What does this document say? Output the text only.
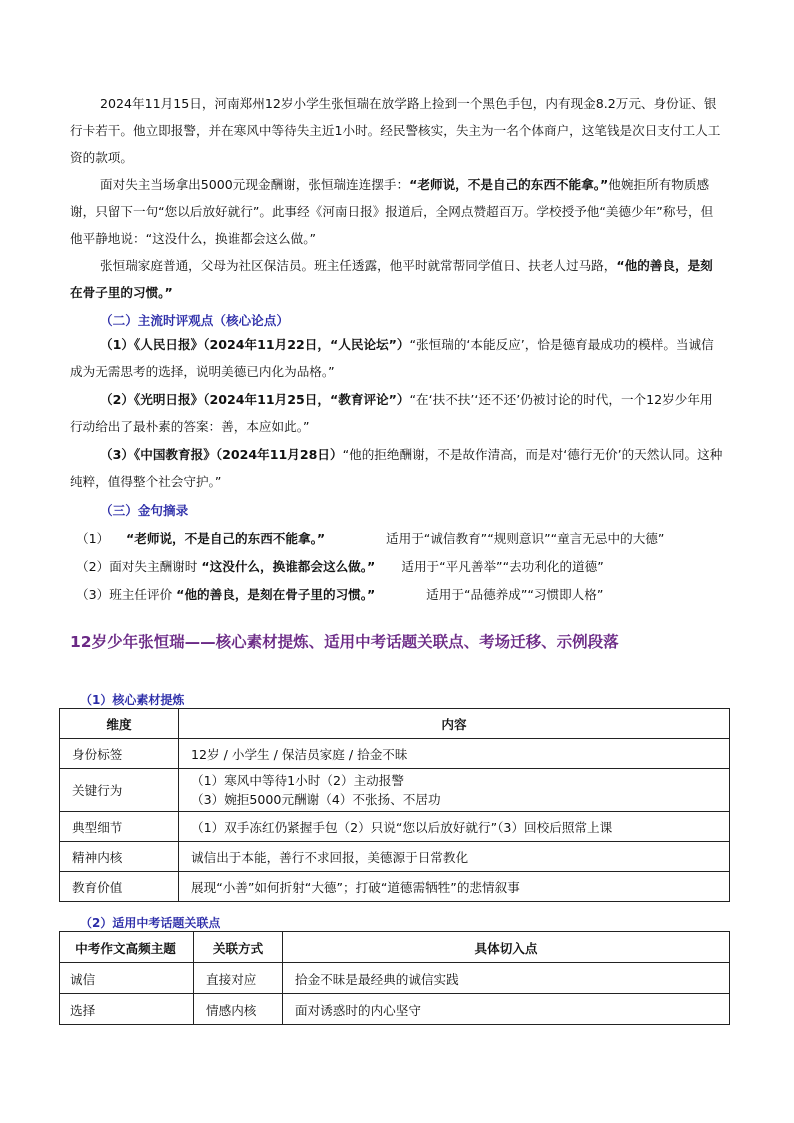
2024年11月15日，河南郑州12岁小学生张恒瑞在放学路上捡到一个黑色手包，内有现金8.2万元、身份证、银行卡若干。他立即报警，并在寒风中等待失主近1小时。经民警核实，失主为一名个体商户，这笔钱是次日支付工人工资的款项。

面对失主当场拿出5000元现金酬谢，张恒瑞连连摆手：“老师说，不是自己的东西不能拿。”他婉拒所有物质感谢，只留下一句“您以后放好就行”。此事经《河南日报》报道后，全网点赞超百万。学校授予他“美德少年”称号，但他平静地说：“这没什么，换谁都会这么做。”

张恒瑞家庭普通，父母为社区保洁员。班主任透露，他平时就常帮同学值日、扶老人过马路，“他的善良，是刻在骨子里的习惯。”

（二）主流时评观点（核心论点）

（1）《人民日报》（2024年11月22日，“人民论坛”）“张恒瑞的‘本能反应’，恰是德育最成功的模样。当诚信成为无需思考的选择，说明美德已内化为品格。”

（2）《光明日报》（2024年11月25日，“教育评论”）“在‘扶不扶’‘还不还’仍被讨论的时代，一个12岁少年用行动给出了最朴素的答案：善，本应如此。”

（3）《中国教育报》（2024年11月28日）“他的拒绝酬谢，不是故作清高，而是对‘德行无价’的天然认同。这种纯粹，值得整个社会守护。”

（三）金句摘录

（1） “老师说，不是自己的东西不能拿。”	适用于“诚信教育”“规则意识”“童言无忌中的大德”

（2）面对失主酬谢时 “这没什么，换谁都会这么做。” 适用于“平凡善举”“去功利化的道德”

（3）班主任评价 “他的善良，是刻在骨子里的习惯。”	适用于“品德养成”“习惯即人格”

12岁少年张恒瑞——核心素材提炼、适用中考话题关联点、考场迁移、示例段落

（1）核心素材提炼

维度	内容
身份标签	12岁 / 小学生 / 保洁员家庭 / 拾金不昧
关键行为	（1）寒风中等待1小时（2）主动报警
（3）婉拒5000元酬谢（4）不张扬、不居功

典型细节	（1）双手冻红仍紧握手包（2）只说“您以后放好就行”（3）回校后照常上课
精神内核	诚信出于本能，善行不求回报，美德源于日常教化
教育价值	展现“小善”如何折射“大德”；打破“道德需牺牲”的悲情叙事

（2）适用中考话题关联点

中考作文高频主题	关联方式	具体切入点
诚信	直接对应	拾金不昧是最经典的诚信实践
选择	情感内核	面对诱惑时的内心坚守
